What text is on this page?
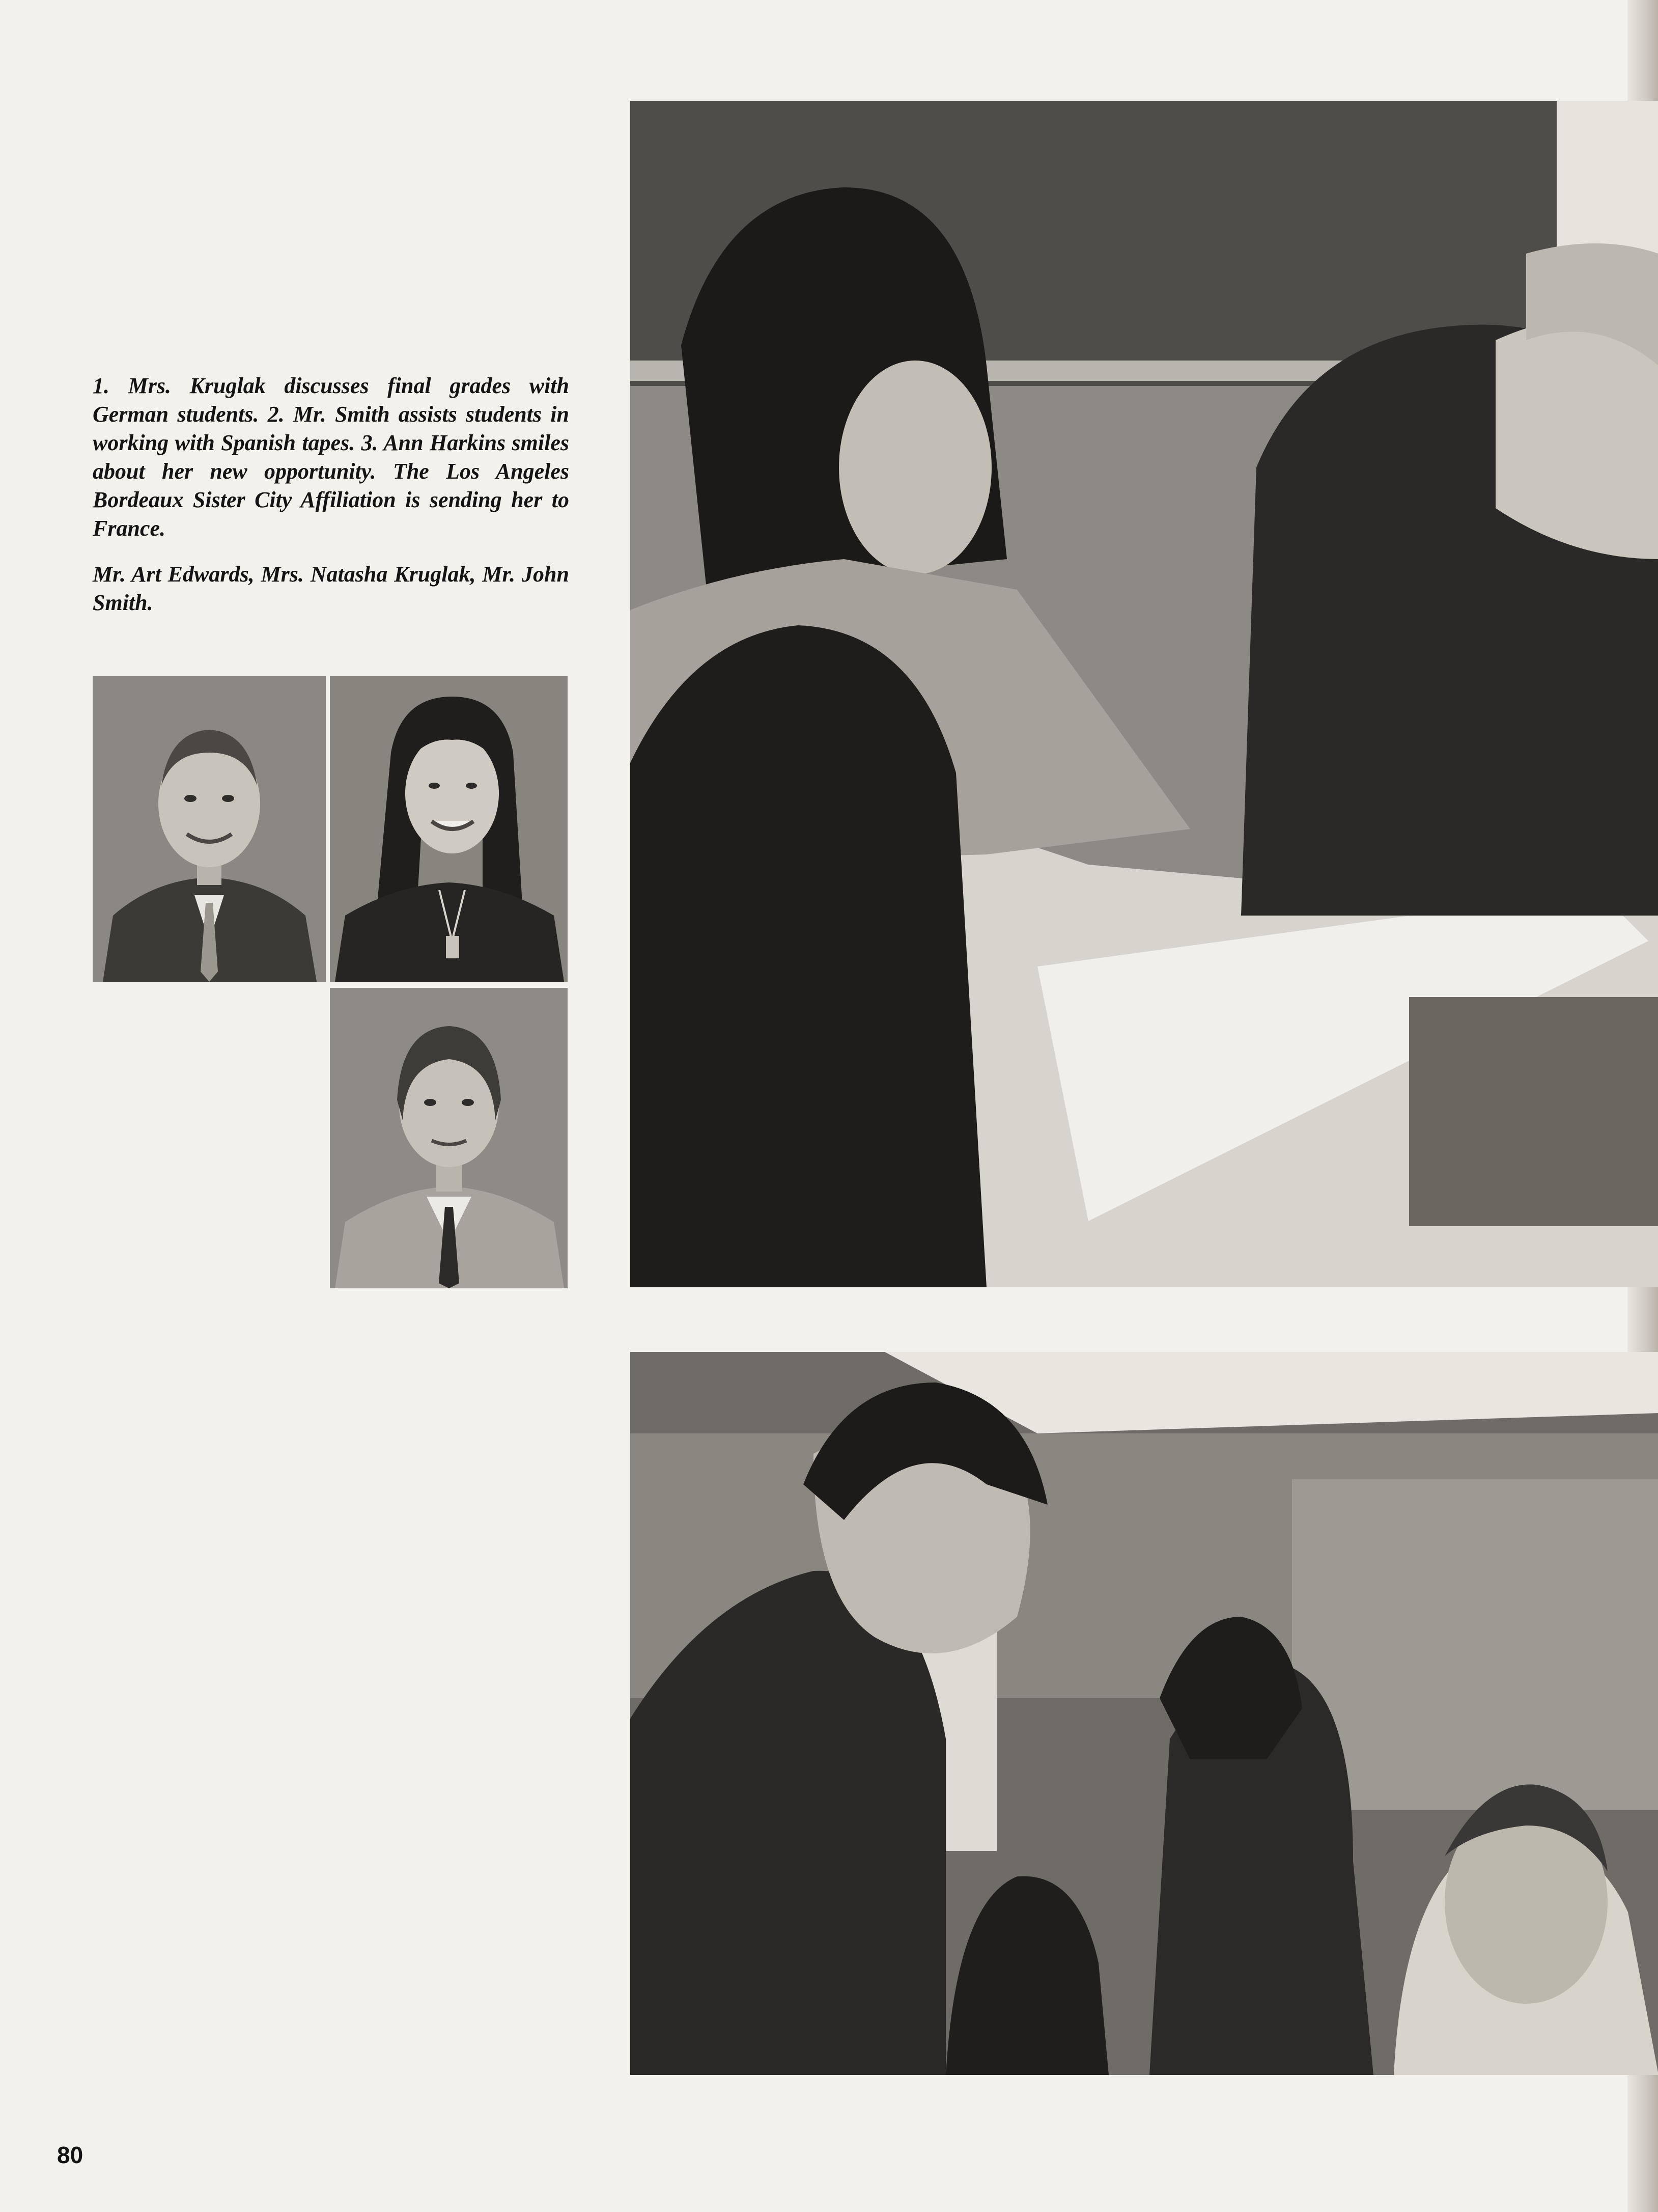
1. Mrs. Kruglak discusses final grades with German students. 2. Mr. Smith assists students in working with Spanish tapes. 3. Ann Harkins smiles about her new opportunity. The Los Angeles Bordeaux Sister City Affiliation is sending her to France.

Mr. Art Edwards, Mrs. Natasha Kruglak, Mr. John Smith.

80
